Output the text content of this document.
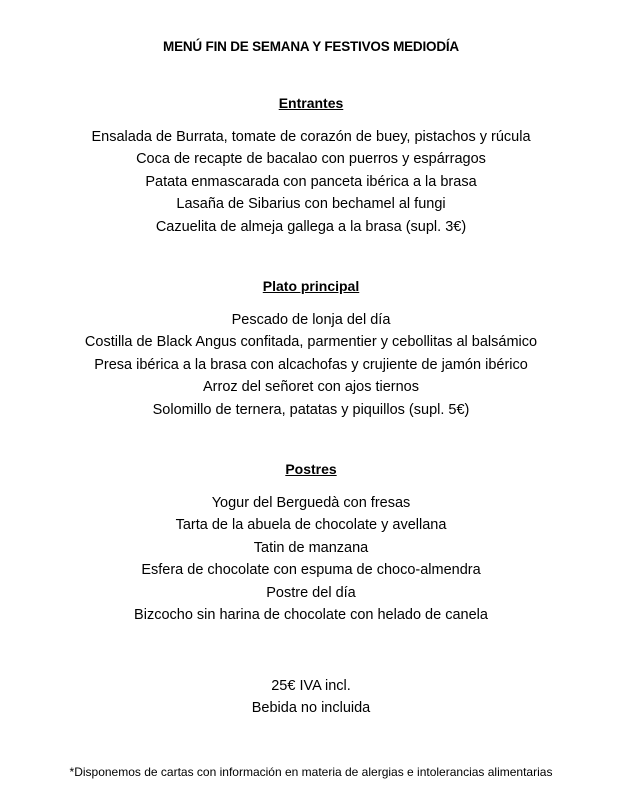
MENÚ FIN DE SEMANA Y FESTIVOS MEDIODÍA
Entrantes
Ensalada de Burrata, tomate de corazón de buey, pistachos y rúcula
Coca de recapte de bacalao con puerros y espárragos
Patata enmascarada con panceta ibérica a la brasa
Lasaña de Sibarius con bechamel al fungi
Cazuelita de almeja gallega a la brasa (supl. 3€)
Plato principal
Pescado de lonja del día
Costilla de Black Angus confitada, parmentier y cebollitas al balsámico
Presa ibérica a la brasa con alcachofas y crujiente de jamón ibérico
Arroz del señoret con ajos tiernos
Solomillo de ternera, patatas y piquillos (supl. 5€)
Postres
Yogur del Berguedà con fresas
Tarta de la abuela de chocolate y avellana
Tatin de manzana
Esfera de chocolate con espuma de choco-almendra
Postre del día
Bizcocho sin harina de chocolate con helado de canela

25€ IVA incl.

Bebida no incluida

*Disponemos de cartas con información en materia de alergias e intolerancias alimentarias
